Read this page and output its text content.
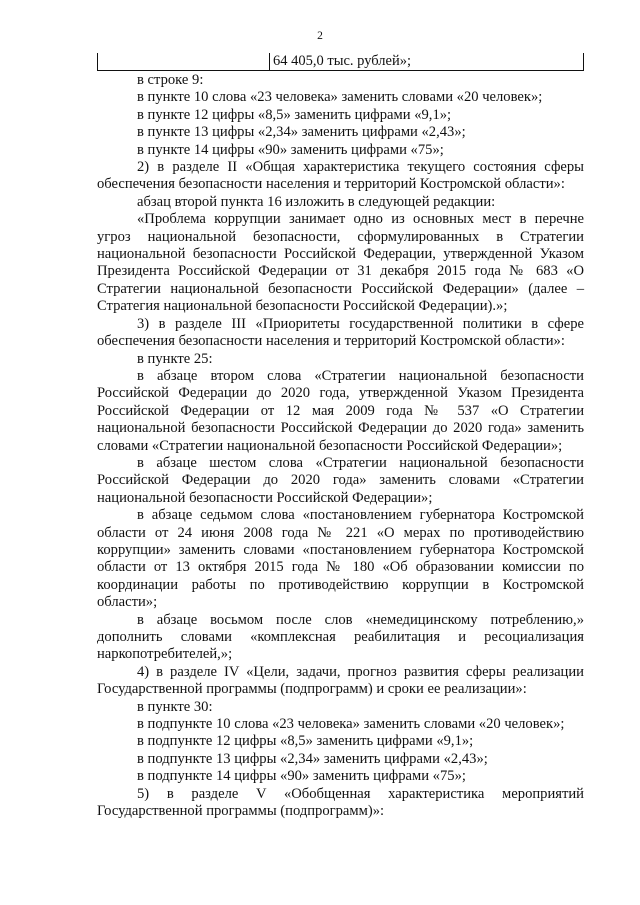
2
64 405,0 тыс. рублей»;

в строке 9:

в пункте 10 слова «23 человека» заменить словами «20 человек»;

в пункте 12 цифры «8,5» заменить цифрами «9,1»;

в пункте 13 цифры «2,34» заменить цифрами «2,43»;

в пункте 14 цифры «90» заменить цифрами «75»;

2) в разделе II «Общая характеристика текущего состояния сферы обеспечения безопасности населения и территорий Костромской области»:

абзац второй пункта 16 изложить в следующей редакции:

«Проблема коррупции занимает одно из основных мест в перечне угроз национальной безопасности, сформулированных в Стратегии национальной безопасности Российской Федерации, утвержденной Указом Президента Российской Федерации от 31 декабря 2015 года № 683 «О Стратегии национальной безопасности Российской Федерации» (далее – Стратегия национальной безопасности Российской Федерации).»;

3) в разделе III «Приоритеты государственной политики в сфере обеспечения безопасности населения и территорий Костромской области»:

в пункте 25:

в абзаце втором слова «Стратегии национальной безопасности Российской Федерации до 2020 года, утвержденной Указом Президента Российской Федерации от 12 мая 2009 года № 537 «О Стратегии национальной безопасности Российской Федерации до 2020 года» заменить словами «Стратегии национальной безопасности Российской Федерации»;

в абзаце шестом слова «Стратегии национальной безопасности Российской Федерации до 2020 года» заменить словами «Стратегии национальной безопасности Российской Федерации»;

в абзаце седьмом слова «постановлением губернатора Костромской области от 24 июня 2008 года № 221 «О мерах по противодействию коррупции» заменить словами «постановлением губернатора Костромской области от 13 октября 2015 года № 180 «Об образовании комиссии по координации работы по противодействию коррупции в Костромской области»;

в абзаце восьмом после слов «немедицинскому потреблению,» дополнить словами «комплексная реабилитация и ресоциализация наркопотребителей,»;

4) в разделе IV «Цели, задачи, прогноз развития сферы реализации Государственной программы (подпрограмм) и сроки ее реализации»:

в пункте 30:

в подпункте 10 слова «23 человека» заменить словами «20 человек»;

в подпункте 12 цифры «8,5» заменить цифрами «9,1»;

в подпункте 13 цифры «2,34» заменить цифрами «2,43»;

в подпункте 14 цифры «90» заменить цифрами «75»;

5) в разделе V «Обобщенная характеристика мероприятий Государственной программы (подпрограмм)»:
